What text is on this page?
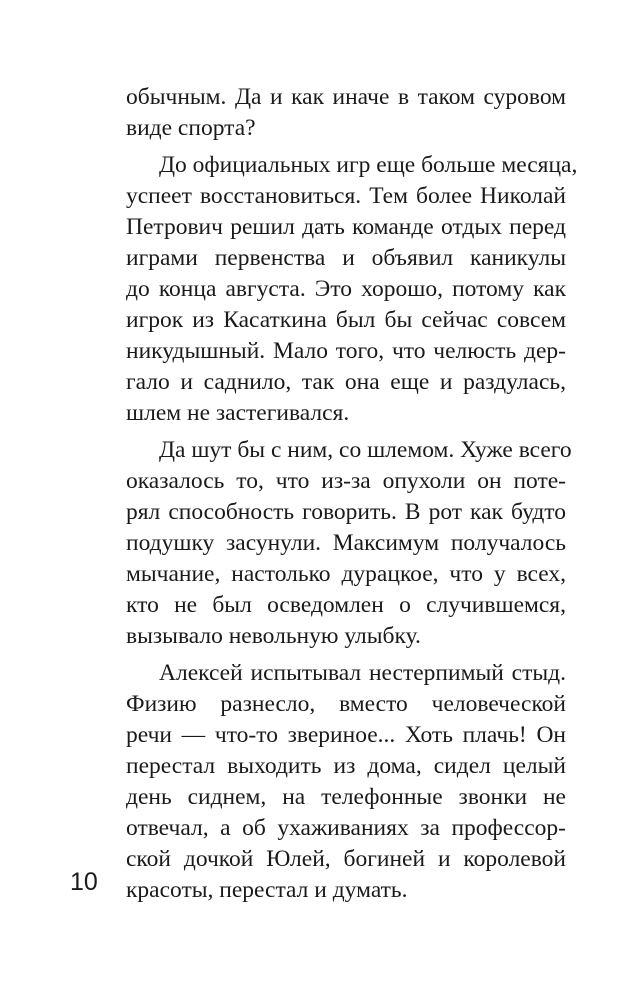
обычным. Да и как иначе в таком суровом
виде спорта?
До официальных игр еще больше месяца,
успеет восстановиться. Тем более Николай
Петрович решил дать команде отдых перед
играми первенства и объявил каникулы
до конца августа. Это хорошо, потому как
игрок из Касаткина был бы сейчас совсем
никудышный. Мало того, что челюсть дер-
гало и саднило, так она еще и раздулась,
шлем не застегивался.
Да шут бы с ним, со шлемом. Хуже всего
оказалось то, что из-за опухоли он поте-
рял способность говорить. В рот как будто
подушку засунули. Максимум получалось
мычание, настолько дурацкое, что у всех,
кто не был осведомлен о случившемся,
вызывало невольную улыбку.
Алексей испытывал нестерпимый стыд.
Физию разнесло, вместо человеческой
речи — что-то звериное... Хоть плачь! Он
перестал выходить из дома, сидел целый
день сиднем, на телефонные звонки не
отвечал, а об ухаживаниях за профессор-
ской дочкой Юлей, богиней и королевой
красоты, перестал и думать.
10
